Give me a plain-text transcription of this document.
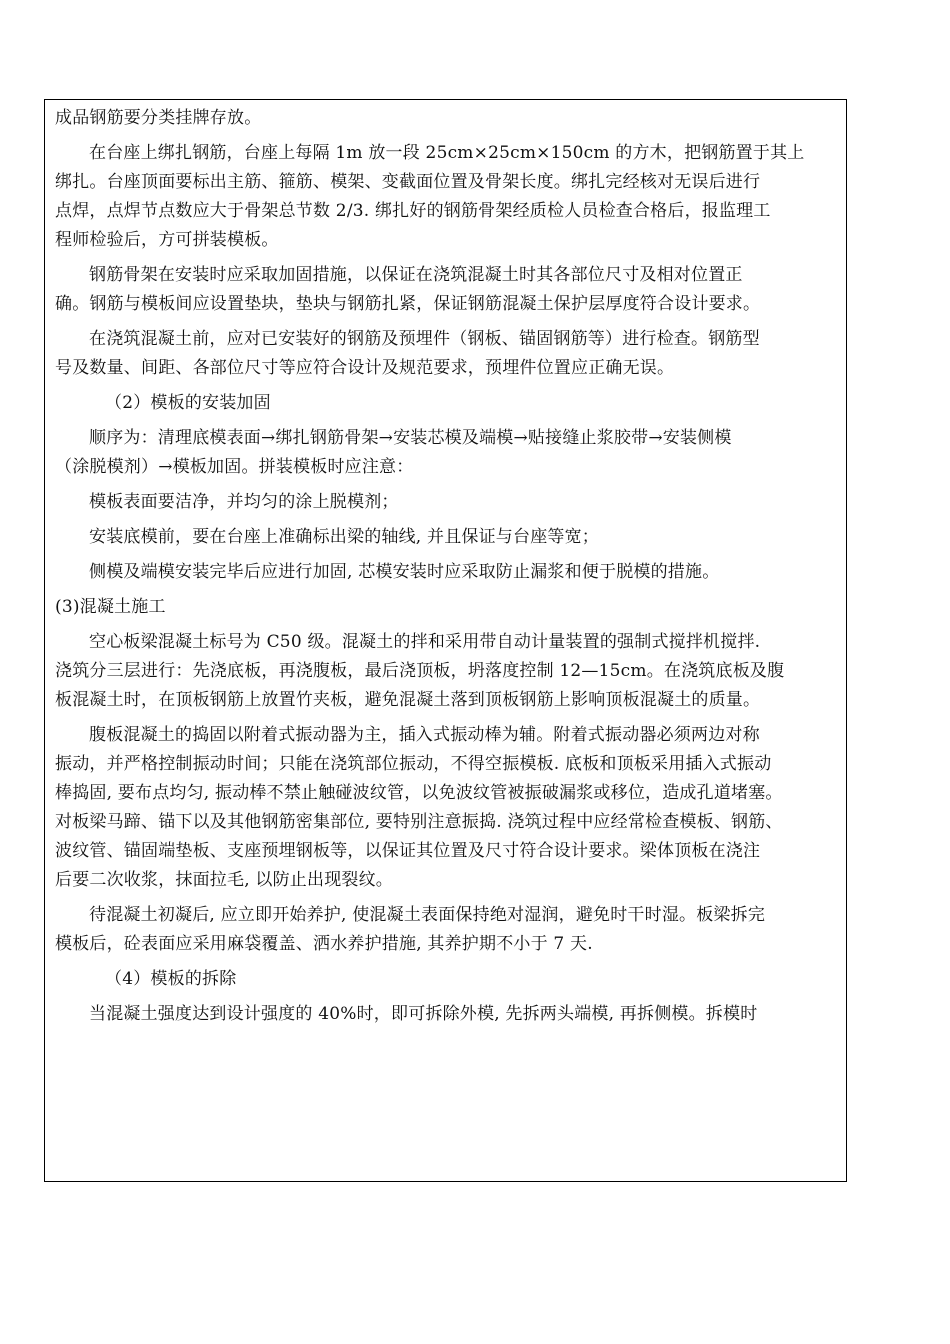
成品钢筋要分类挂牌存放。
在台座上绑扎钢筋，台座上每隔 1m 放一段 25cm×25cm×150cm 的方木，把钢筋置于其上
绑扎。台座顶面要标出主筋、箍筋、模架、变截面位置及骨架长度。绑扎完经核对无误后进行
点焊，点焊节点数应大于骨架总节数 2/3. 绑扎好的钢筋骨架经质检人员检查合格后，报监理工
程师检验后，方可拼装模板。
钢筋骨架在安装时应采取加固措施，以保证在浇筑混凝土时其各部位尺寸及相对位置正
确。钢筋与模板间应设置垫块，垫块与钢筋扎紧，保证钢筋混凝土保护层厚度符合设计要求。
在浇筑混凝土前，应对已安装好的钢筋及预埋件（钢板、锚固钢筋等）进行检查。钢筋型
号及数量、间距、各部位尺寸等应符合设计及规范要求，预埋件位置应正确无误。
（2）模板的安装加固
顺序为：清理底模表面→绑扎钢筋骨架→安装芯模及端模→贴接缝止浆胶带→安装侧模
（涂脱模剂）→模板加固。拼装模板时应注意：
模板表面要洁净，并均匀的涂上脱模剂；
安装底模前，要在台座上准确标出梁的轴线, 并且保证与台座等宽；
侧模及端模安装完毕后应进行加固, 芯模安装时应采取防止漏浆和便于脱模的措施。
(3)混凝土施工
空心板梁混凝土标号为 C50 级。混凝土的拌和采用带自动计量装置的强制式搅拌机搅拌.
浇筑分三层进行：先浇底板，再浇腹板，最后浇顶板，坍落度控制 12—15cm。在浇筑底板及腹
板混凝土时，在顶板钢筋上放置竹夹板，避免混凝土落到顶板钢筋上影响顶板混凝土的质量。
腹板混凝土的捣固以附着式振动器为主，插入式振动棒为辅。附着式振动器必须两边对称
振动，并严格控制振动时间；只能在浇筑部位振动，不得空振模板. 底板和顶板采用插入式振动
棒捣固, 要布点均匀, 振动棒不禁止触碰波纹管，以免波纹管被振破漏浆或移位，造成孔道堵塞。
对板梁马蹄、锚下以及其他钢筋密集部位, 要特别注意振捣. 浇筑过程中应经常检查模板、钢筋、
波纹管、锚固端垫板、支座预埋钢板等，以保证其位置及尺寸符合设计要求。梁体顶板在浇注
后要二次收浆，抹面拉毛, 以防止出现裂纹。
待混凝土初凝后, 应立即开始养护, 使混凝土表面保持绝对湿润，避免时干时湿。板梁拆完
模板后，砼表面应采用麻袋覆盖、洒水养护措施, 其养护期不小于 7 天.
（4）模板的拆除
当混凝土强度达到设计强度的 40%时，即可拆除外模, 先拆两头端模, 再拆侧模。拆模时
